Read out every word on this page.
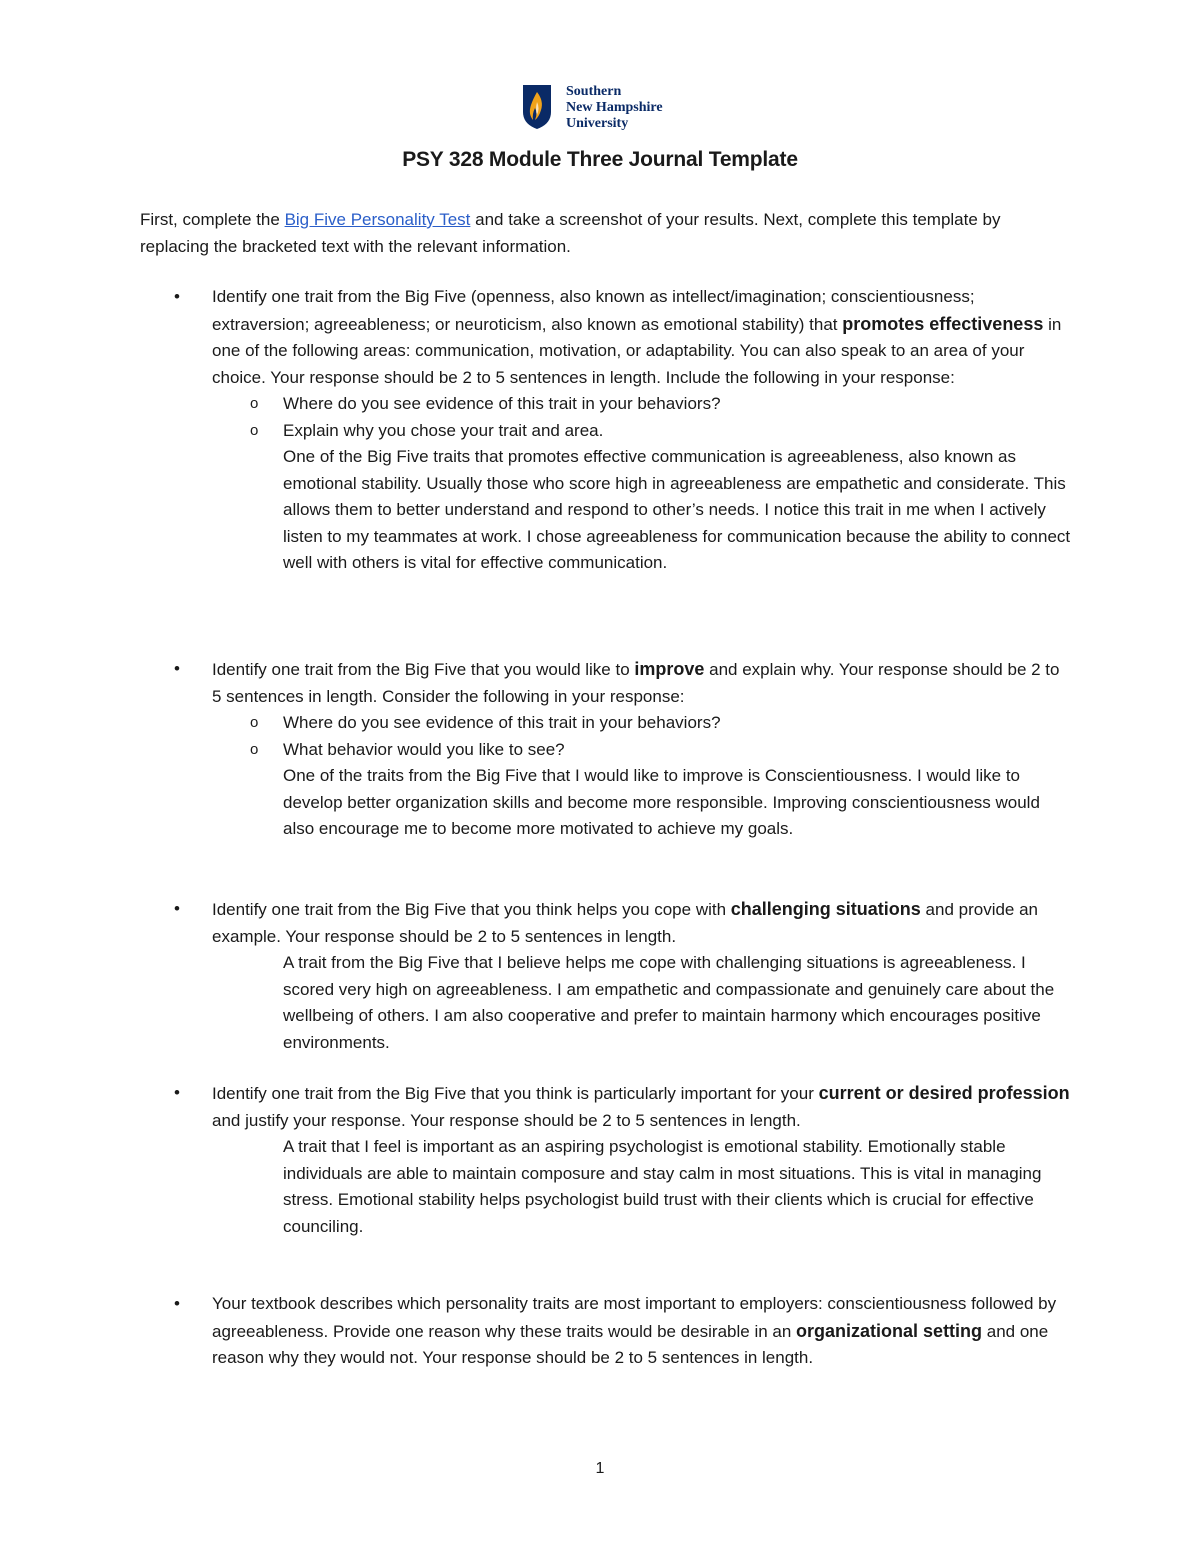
Southern
New Hampshire
University
PSY 328 Module Three Journal Template
First, complete the Big Five Personality Test and take a screenshot of your results. Next, complete this template by replacing the bracketed text with the relevant information.
• Identify one trait from the Big Five (openness, also known as intellect/imagination; conscientiousness; extraversion; agreeableness; or neuroticism, also known as emotional stability) that promotes effectiveness in one of the following areas: communication, motivation, or adaptability. You can also speak to an area of your choice. Your response should be 2 to 5 sentences in length. Include the following in your response:

o Where do you see evidence of this trait in your behaviors?
o Explain why you chose your trait and area.

One of the Big Five traits that promotes effective communication is agreeableness, also known as emotional stability. Usually those who score high in agreeableness are empathetic and considerate. This allows them to better understand and respond to other’s needs. I notice this trait in me when I actively listen to my teammates at work. I chose agreeableness for communication because the ability to connect well with others is vital for effective communication.

• Identify one trait from the Big Five that you would like to improve and explain why. Your response should be 2 to 5 sentences in length. Consider the following in your response:

o Where do you see evidence of this trait in your behaviors?
o What behavior would you like to see?

One of the traits from the Big Five that I would like to improve is Conscientiousness. I would like to develop better organization skills and become more responsible. Improving conscientiousness would also encourage me to become more motivated to achieve my goals.

• Identify one trait from the Big Five that you think helps you cope with challenging situations and provide an example. Your response should be 2 to 5 sentences in length.

A trait from the Big Five that I believe helps me cope with challenging situations is agreeableness. I scored very high on agreeableness. I am empathetic and compassionate and genuinely care about the wellbeing of others. I am also cooperative and prefer to maintain harmony which encourages positive environments.

• Identify one trait from the Big Five that you think is particularly important for your current or desired profession and justify your response. Your response should be 2 to 5 sentences in length.

A trait that I feel is important as an aspiring psychologist is emotional stability. Emotionally stable individuals are able to maintain composure and stay calm in most situations. This is vital in managing stress. Emotional stability helps psychologist build trust with their clients which is crucial for effective counciling.

• Your textbook describes which personality traits are most important to employers: conscientiousness followed by agreeableness. Provide one reason why these traits would be desirable in an organizational setting and one reason why they would not. Your response should be 2 to 5 sentences in length.

1
